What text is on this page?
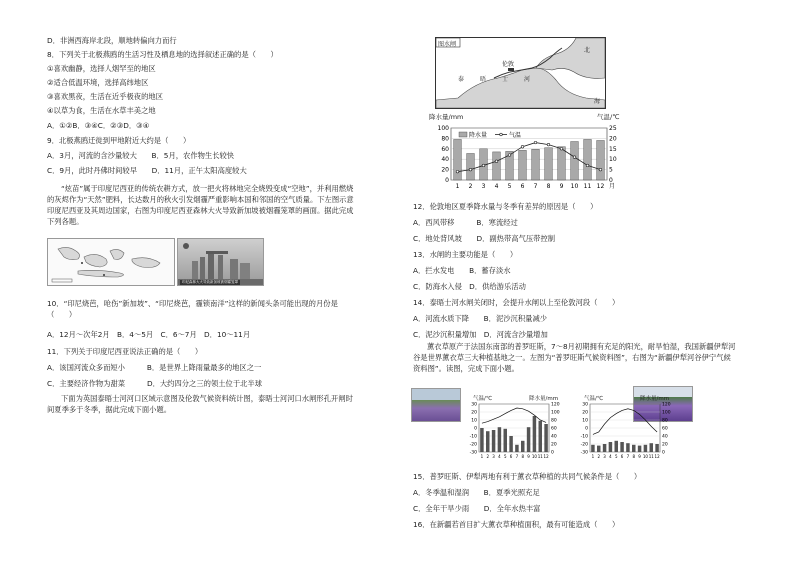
D．非洲西海岸北段，顺地转偏向力而行
8．下列关于北极燕鸥的生活习性及栖息地的选择叙述正确的是（　　）
①喜欢幽静，选择人烟罕至的地区
②适合低温环境，选择高纬地区
③喜欢黑夜，生活在近乎极夜的地区
④以草为食，生活在水草丰美之地
A．①②B．③④C．②③D．③④
9．北极燕鸥迁徙到甲地附近大约是（　　）
A．3月，河流的含沙量较大　　B．5月，农作物生长较快
C．9月，此时丹佛时间较早　　D．11月，正午太阳高度较大
“炫苗”属于印度尼西亚的传统农耕方式，放一把火将林地完全烧毁变成“空地”，并利用燃烧的灰烬作为“天然”肥料，长达数月的秋火引发烟霾严重影响本国和邻国的空气质量。下左图示意印度尼西亚及其周边国家，右图为印度尼西亚森林大火导致新加坡被烟霾笼罩的画面。据此完成下列各题。
印尼森林大火导致新加坡被烟霾笼罩
10．“印尼烧芭，呛伤”新加坡”、“印尼烧芭，霾锁南洋”这样的新闻头条可能出现的月份是（　　）
A．12月～次年2月　B．4～5月　C．6～7月　D．10～11月
11．下列关于印度尼西亚说法正确的是（　　）
A．该国河流众多而短小　　　B．是世界上降雨量最多的地区之一
C．主要经济作物为甜菜　　　D．大约四分之三的领土位于北半球
下面为英国泰晤士河河口区域示意图及伦敦气候资料统计图，泰晤士河河口水闸形孔开闸时间夏季多于冬季，据此完成下面小题。
图水闸
伦敦
泰晤士河
北
海
降水量/mm	气温/℃
0
20
40
60
80
100
0
5
10
15
20
25
1 2 3 4 5 6 7 8 9 10 11 12 月
降水量	气温
12．伦敦地区夏季降水量与冬季有差异的原因是（　　）
A．西风带移　　　B．寒流经过
C．地处背风坡　　D．副热带高气压带控制
13．水闸的主要功能是（　　）
A．拦水发电　　B．蓄存淡水
C．防海水入侵　D．供给游乐活动
14．泰晤士河水闸关闭时，会提升水闸以上至伦敦河段（　　）
A．河流水质下降　　B．泥沙沉积量减少
C．泥沙沉积量增加　D．河流含沙量增加
薰衣草原产于法国东南部的普罗旺斯，7～8月初期拥有充足的阳光，耐旱怕湿，我国新疆伊犁河谷是世界薰衣草三大种植基地之一。左图为“普罗旺斯气候资料图”，右图为“新疆伊犁河谷伊宁气候资料图”。读图，完成下面小题。
气温/℃	降水量/mm
-30
-20
-10
0
10
20
30
0
20
40
60
80
100
120
1 2 3 4 5 6 7 8 9 10 11 12
气温/℃	降水量/mm
-30
-20
-10
0
10
20
30
0
20
40
60
80
100
120
1 2 3 4 5 6 7 8 9 10 11 12
15．普罗旺斯、伊犁两地有利于薰衣草种植的共同气候条件是（　　）
A．冬季温和湿润　　B．夏季光照充足
C．全年干旱少雨　　D．全年水热丰富
16．在新疆若首目扩大薰衣草种植面积，最有可能造成（　　）
